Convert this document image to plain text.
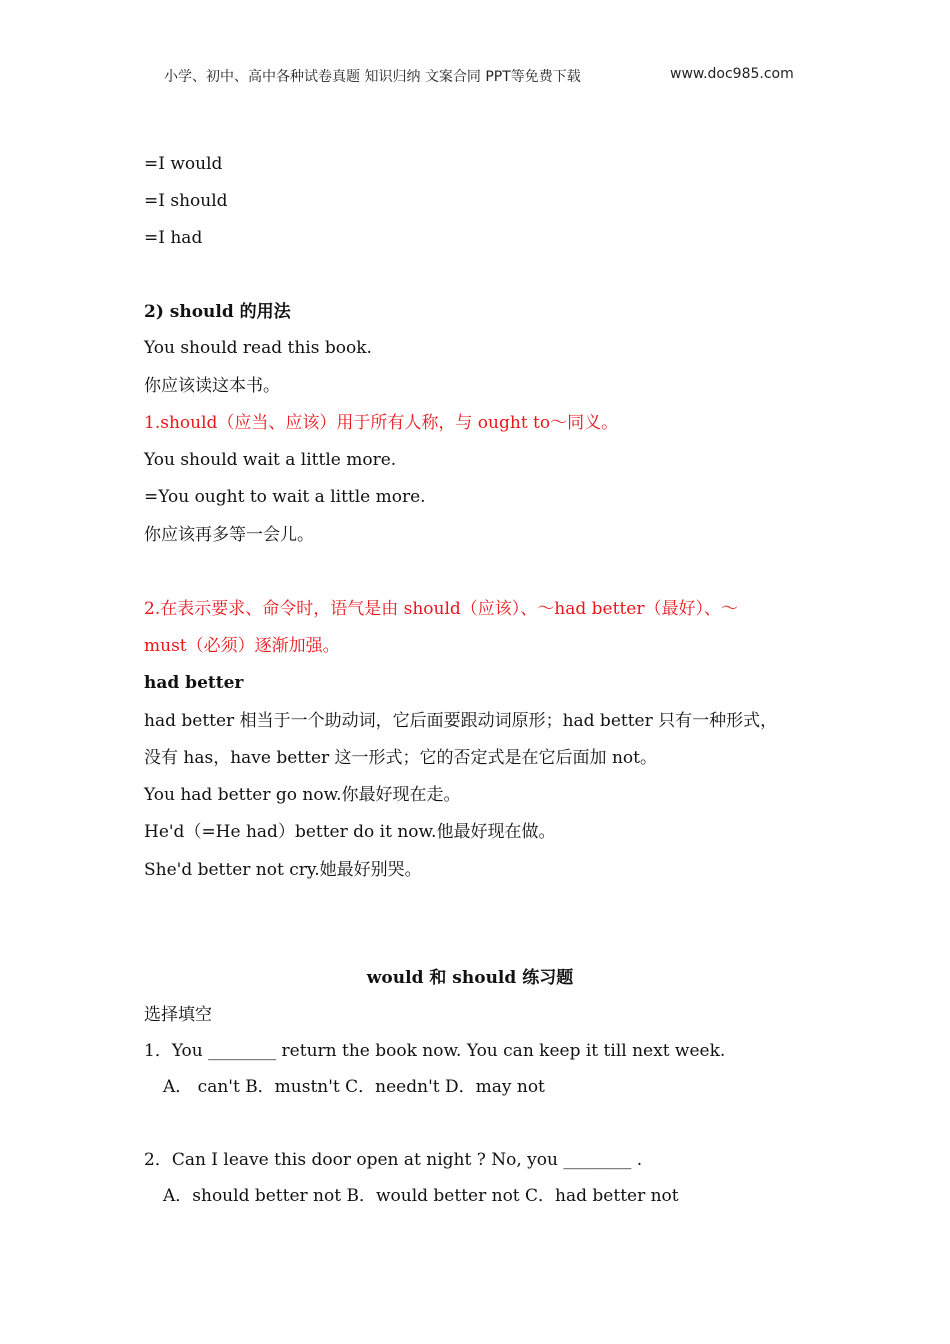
小学、初中、高中各种试卷真题 知识归纳 文案合同 PPT等免费下载	www.doc985.com
=I would
=I should
=I had
2) should 的用法
You should read this book.
你应该读这本书。
1.should（应当、应该）用于所有人称，与 ought to～同义。
You should wait a little more.
=You ought to wait a little more.
你应该再多等一会儿。
2.在表示要求、命令时，语气是由 should（应该）、～had better（最好）、～
must（必须）逐渐加强。
had better
had better 相当于一个助动词，它后面要跟动词原形；had better 只有一种形式，
没有 has，have better 这一形式；它的否定式是在它后面加 not。
You had better go now.你最好现在走。
He'd（=He had）better do it now.他最好现在做。
She'd better not cry.她最好别哭。
would 和 should 练习题
选择填空
1．You ________ return the book now. You can keep it till next week.
A． can't B．mustn't C．needn't D．may not
2．Can I leave this door open at night ? No, you ________ .
A．should better not B．would better not C．had better not
